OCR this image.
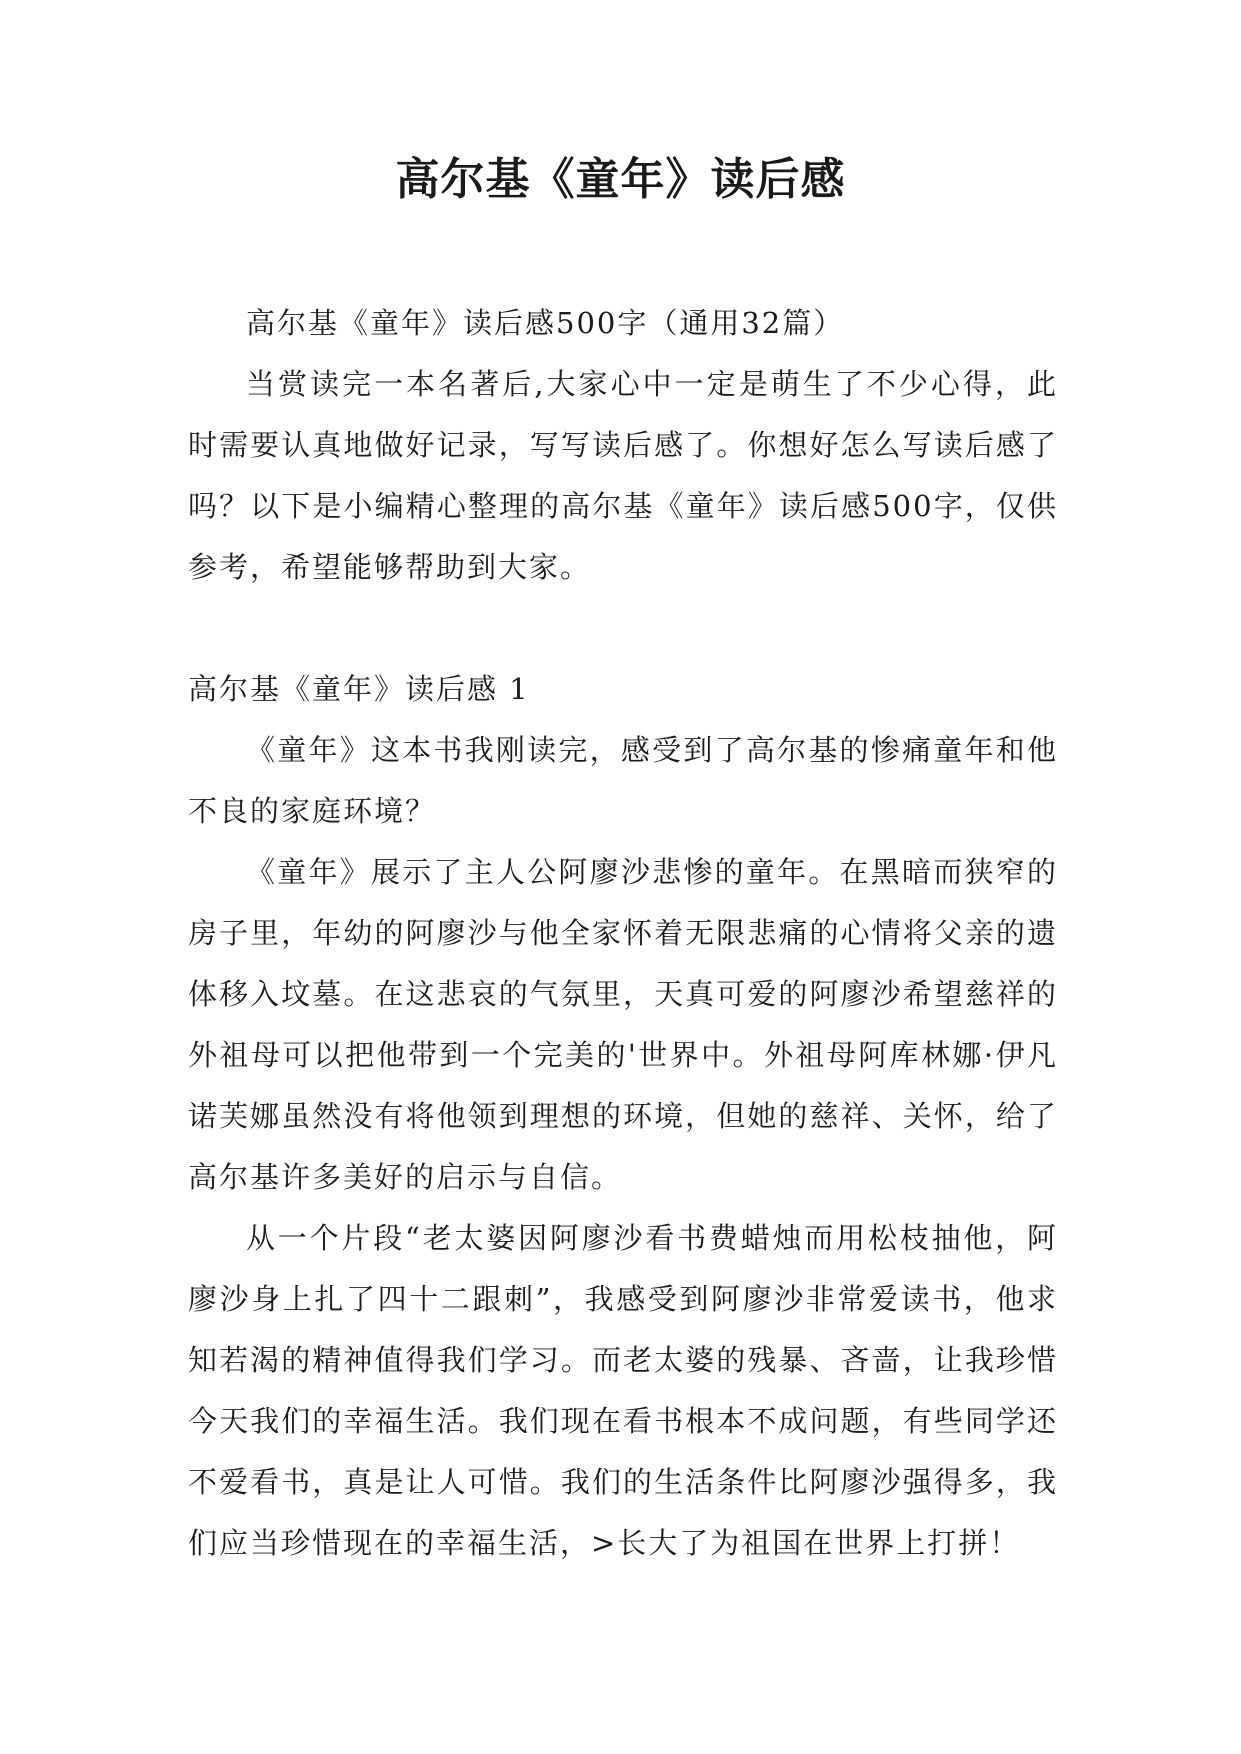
高尔基《童年》读后感

高尔基《童年》读后感500字（通用32篇）

当赏读完一本名著后,大家心中一定是萌生了不少心得，此时需要认真地做好记录，写写读后感了。你想好怎么写读后感了吗？以下是小编精心整理的高尔基《童年》读后感500字，仅供参考，希望能够帮助到大家。

高尔基《童年》读后感 1

《童年》这本书我刚读完，感受到了高尔基的惨痛童年和他不良的家庭环境？

《童年》展示了主人公阿廖沙悲惨的童年。在黑暗而狭窄的房子里，年幼的阿廖沙与他全家怀着无限悲痛的心情将父亲的遗体移入坟墓。在这悲哀的气氛里，天真可爱的阿廖沙希望慈祥的外祖母可以把他带到一个完美的'世界中。外祖母阿库林娜·伊凡诺芙娜虽然没有将他领到理想的环境，但她的慈祥、关怀，给了高尔基许多美好的启示与自信。

从一个片段“老太婆因阿廖沙看书费蜡烛而用松枝抽他，阿廖沙身上扎了四十二跟刺”，我感受到阿廖沙非常爱读书，他求知若渴的精神值得我们学习。而老太婆的残暴、吝啬，让我珍惜今天我们的幸福生活。我们现在看书根本不成问题，有些同学还不爱看书，真是让人可惜。我们的生活条件比阿廖沙强得多，我们应当珍惜现在的幸福生活，>长大了为祖国在世界上打拼！
